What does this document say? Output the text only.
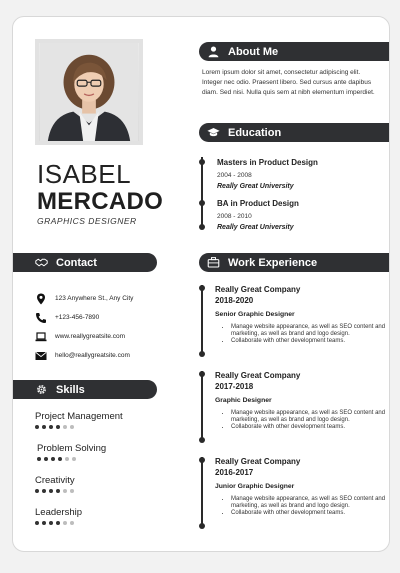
ISABEL
MERCADO
GRAPHICS DESIGNER
Contact
123 Anywhere St., Any City
+123-456-7890
www.reallygreatsite.com
hello@reallygreatsite.com
Skills
Project Management
Problem Solving
Creativity
Leadership
About Me
Lorem ipsum dolor sit amet, consectetur adipiscing elit. Integer nec odio. Praesent libero. Sed cursus ante dapibus diam. Sed nisi. Nulla quis sem at nibh elementum imperdiet.
Education
Masters in Product Design
2004 - 2008
Really Great University
BA in Product Design
2008 - 2010
Really Great University
Work Experience
Really Great Company
2018-2020
Senior Graphic Designer
• Manage website appearance, as well as SEO content and marketing, as well as brand and logo design.
• Collaborate with other development teams.
Really Great Company
2017-2018
Graphic Designer
• Manage website appearance, as well as SEO content and marketing, as well as brand and logo design.
• Collaborate with other development teams.
Really Great Company
2016-2017
Junior Graphic Designer
• Manage website appearance, as well as SEO content and marketing, as well as brand and logo design.
• Collaborate with other development teams.
